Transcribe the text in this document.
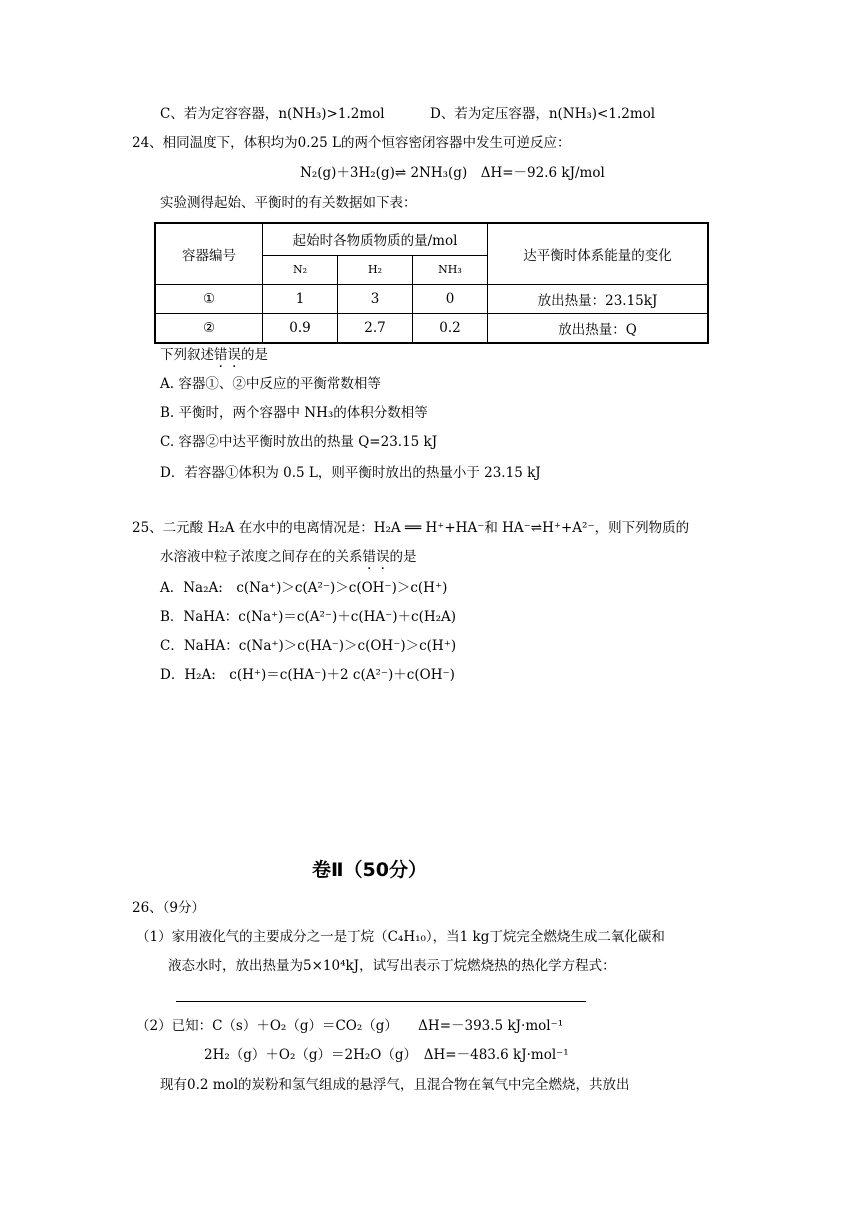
C、若为定容容器，n(NH₃)>1.2mol	D、若为定压容器，n(NH₃)<1.2mol
24、相同温度下，体积均为0.25 L的两个恒容密闭容器中发生可逆反应：
N₂(g)＋3H₂(g)⇌ 2NH₃(g)　ΔH=－92.6 kJ/mol
实验测得起始、平衡时的有关数据如下表：
容器编号	起始时各物质物质的量/mol			达平衡时体系能量的变化
	N₂	H₂	NH₃	
①	1	3	0	放出热量：23.15kJ
②	0.9	2.7	0.2	放出热量：Q
下列叙述错误的是
A. 容器①、②中反应的平衡常数相等
B. 平衡时，两个容器中 NH₃的体积分数相等
C. 容器②中达平衡时放出的热量 Q=23.15 kJ
D．若容器①体积为 0.5 L，则平衡时放出的热量小于 23.15 kJ
25、二元酸 H₂A 在水中的电离情况是：H₂A ══ H⁺+HA⁻和 HA⁻⇌H⁺+A²⁻，则下列物质的
水溶液中粒子浓度之间存在的关系错误的是
A．Na₂A:　c(Na⁺)＞c(A²⁻)＞c(OH⁻)＞c(H⁺)
B．NaHA：c(Na⁺)＝c(A²⁻)＋c(HA⁻)＋c(H₂A)
C．NaHA：c(Na⁺)＞c(HA⁻)＞c(OH⁻)＞c(H⁺)
D．H₂A:　c(H⁺)＝c(HA⁻)＋2 c(A²⁻)＋c(OH⁻)
卷Ⅱ（50分）
26、（9分）
（1）家用液化气的主要成分之一是丁烷（C₄H₁₀），当1 kg丁烷完全燃烧生成二氧化碳和
液态水时，放出热量为5×10⁴kJ，试写出表示丁烷燃烧热的热化学方程式：
（2）已知：C（s）＋O₂（g）＝CO₂（g）　　ΔH=－393.5 kJ·mol⁻¹
2H₂（g）＋O₂（g）＝2H₂O（g）　ΔH=－483.6 kJ·mol⁻¹
现有0.2 mol的炭粉和氢气组成的悬浮气，且混合物在氧气中完全燃烧，共放出
